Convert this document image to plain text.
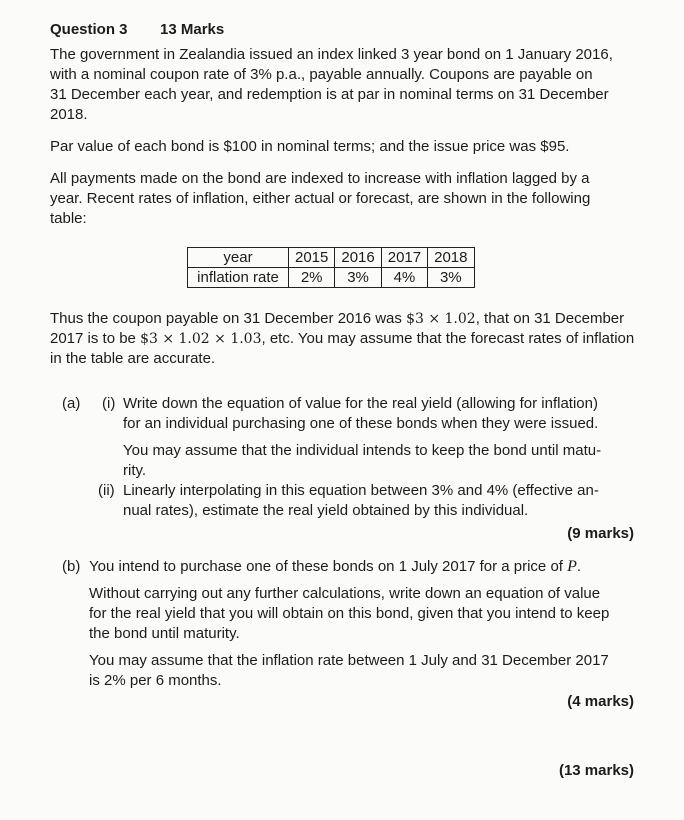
Question 3 13 Marks
The government in Zealandia issued an index linked 3 year bond on 1 January 2016,
with a nominal coupon rate of 3% p.a., payable annually. Coupons are payable on
31 December each year, and redemption is at par in nominal terms on 31 December
2018.
Par value of each bond is $100 in nominal terms; and the issue price was $95.
All payments made on the bond are indexed to increase with inflation lagged by a
year. Recent rates of inflation, either actual or forecast, are shown in the following
table:
year	2015	2016	2017	2018
inflation rate	2%	3%	4%	3%
Thus the coupon payable on 31 December 2016 was $3 × 1.02, that on 31 December
2017 is to be $3 × 1.02 × 1.03, etc. You may assume that the forecast rates of inflation
in the table are accurate.
(a) (i) Write down the equation of value for the real yield (allowing for inflation)
for an individual purchasing one of these bonds when they were issued.
You may assume that the individual intends to keep the bond until matu-
rity.
(ii) Linearly interpolating in this equation between 3% and 4% (effective an-
nual rates), estimate the real yield obtained by this individual.
(9 marks)
(b) You intend to purchase one of these bonds on 1 July 2017 for a price of P.
Without carrying out any further calculations, write down an equation of value
for the real yield that you will obtain on this bond, given that you intend to keep
the bond until maturity.
You may assume that the inflation rate between 1 July and 31 December 2017
is 2% per 6 months.
(4 marks)
(13 marks)
